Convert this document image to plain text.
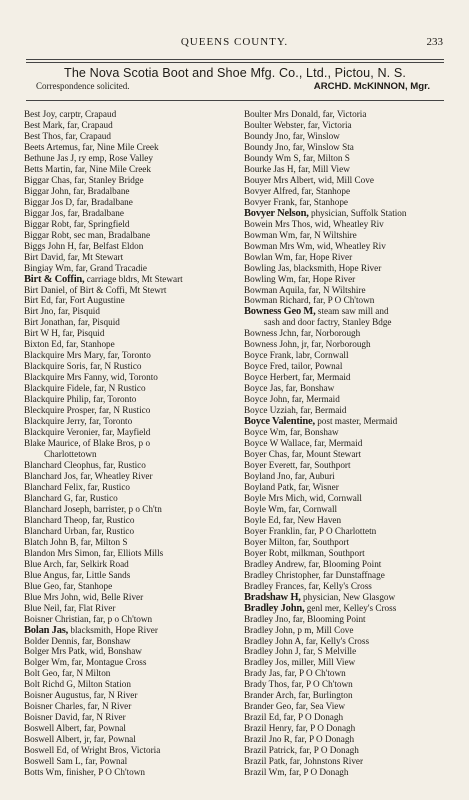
QUEENS COUNTY.	233
The Nova Scotia Boot and Shoe Mfg. Co., Ltd., Pictou, N. S.
Correspondence solicited.	ARCHD. McKINNON, Mgr.
Best Joy, carptr, Crapaud
Best Mark, far, Crapaud
Best Thos, far, Crapaud
Beets Artemus, far, Nine Mile Creek
Bethune Jas J, ry emp, Rose Valley
Betts Martin, far, Nine Mile Creek
Biggar Chas, far, Stanley Bridge
Biggar John, far, Bradalbane
Biggar Jos D, far, Bradalbane
Biggar Jos, far, Bradalbane
Biggar Robt, far, Springfield
Biggar Robt, sec man, Bradalbane
Biggs John H, far, Belfast Eldon
Birt David, far, Mt Stewart
Bingiay Wm, far, Grand Tracadie
Birt & Coffin, carriage bldrs, Mt Stewart
Birt Daniel, of Birt & Coffi, Mt Stewrt
Birt Ed, far, Fort Augustine
Birt Jno, far, Pisquid
Birt Jonathan, far, Pisquid
Birt W H, far, Pisquid
Bixton Ed, far, Stanhope
Blackquire Mrs Mary, far, Toronto
Blackquire Soris, far, N Rustico
Blackquire Mrs Fanny, wid, Toronto
Blackquire Fidele, far, N Rustico
Blackquire Philip, far, Toronto
Bleckquire Prosper, far, N Rustico
Blackquire Jerry, far, Toronto
Blackquire Veronier, far, Mayfield
Blake Maurice, of Blake Bros, p o
Charlottetown
Blanchard Cleophus, far, Rustico
Blanchard Jos, far, Wheatley River
Blanchard Felix, far, Rustico
Blanchard G, far, Rustico
Blanchard Joseph, barrister, p o Ch'tn
Blanchard Theop, far, Rustico
Blanchard Urban, far, Rustico
Blatch John B, far, Milton S
Blandon Mrs Simon, far, Elliots Mills
Blue Arch, far, Selkirk Road
Blue Angus, far, Little Sands
Blue Geo, far, Stanhope
Blue Mrs John, wid, Belle River
Blue Neil, far, Flat River
Boisner Christian, far, p o Ch'town
Bolan Jas, blacksmith, Hope River
Bolder Dennis, far, Bonshaw
Bolger Mrs Patk, wid, Bonshaw
Bolger Wm, far, Montague Cross
Bolt Geo, far, N Milton
Bolt Richd G, Milton Station
Boisner Augustus, far, N River
Boisner Charles, far, N River
Boisner David, far, N River
Boswell Albert, far, Pownal
Boswell Albert, jr, far, Pownal
Boswell Ed, of Wright Bros, Victoria
Boswell Sam L, far, Pownal
Botts Wm, finisher, P O Ch'town
Boulter Mrs Donald, far, Victoria
Boulter Webster, far, Victoria
Boundy Jno, far, Winslow
Boundy Jno, far, Winslow Sta
Boundy Wm S, far, Milton S
Bourke Jas H, far, Mill View
Bouyer Mrs Albert, wid, Mill Cove
Bovyer Alfred, far, Stanhope
Bovyer Frank, far, Stanhope
Bovyer Nelson, physician, Suffolk Station
Bowein Mrs Thos, wid, Wheatley Riv
Bowman Wm, far, N Wiltshire
Bowman Mrs Wm, wid, Wheatley Riv
Bowlan Wm, far, Hope River
Bowling Jas, blacksmith, Hope River
Bowling Wm, far, Hope River
Bowman Aquila, far, N Wiltshire
Bowman Richard, far, P O Ch'town
Bowness Geo M, steam saw mill and
sash and door factry, Stanley Bdge
Bowness Jchn, far, Norborough
Bowness John, jr, far, Norborough
Boyce Frank, labr, Cornwall
Boyce Fred, tailor, Pownal
Boyce Herbert, far, Mermaid
Boyce Jas, far, Bonshaw
Boyce John, far, Mermaid
Boyce Uzziah, far, Bermaid
Boyce Valentine, post master, Mermaid
Boyce Wm, far, Bonshaw
Boyce W Wallace, far, Mermaid
Boyer Chas, far, Mount Stewart
Boyer Everett, far, Southport
Boyland Jno, far, Auburi
Boyland Patk, far, Wisner
Boyle Mrs Mich, wid, Cornwall
Boyle Wm, far, Cornwall
Boyle Ed, far, New Haven
Boyer Franklin, far, P O Charlottetn
Boyer Milton, far, Southport
Boyer Robt, milkman, Southport
Bradley Andrew, far, Blooming Point
Bradley Christopher, far Dunstaffnage
Bradley Frances, far, Kelly's Cross
Bradshaw H, physician, New Glasgow
Bradley John, genl mer, Kelley's Cross
Bradley Jno, far, Blooming Point
Bradley John, p m, Mill Cove
Bradley John A, far, Kelly's Cross
Bradley John J, far, S Melville
Bradley Jos, miller, Mill View
Brady Jas, far, P O Ch'town
Brady Thos, far, P O Ch'town
Brander Arch, far, Burlington
Brander Geo, far, Sea View
Brazil Ed, far, P O Donagh
Brazil Henry, far, P O Donagh
Brazil Jno R, far, P O Donagh
Brazil Patrick, far, P O Donagh
Brazil Patk, far, Johnstons River
Brazil Wm, far, P O Donagh
